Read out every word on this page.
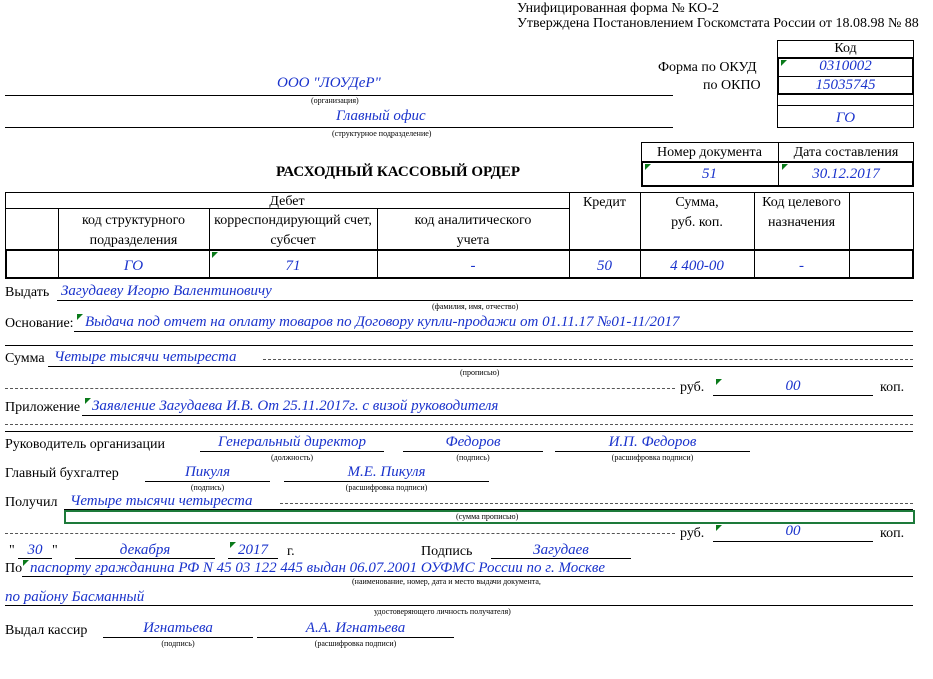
Унифицированная форма № КО-2
Утверждена Постановлением Госкомстата России от 18.08.98 № 88
Код
Форма по ОКУД	0310002
по ОКПО	15035745
ГО
ООО "ЛОУДеР"
(организация)
Главный офис
(структурное подразделение)
Номер документа	Дата составления
51	30.12.2017
РАСХОДНЫЙ КАССОВЫЙ ОРДЕР
Дебет
код структурного
подразделения
корреспондирующий счет,
субсчет
код аналитического
учета
Кредит	Сумма,
руб. коп.
Код целевого
назначения
ГО	71	-	50	4 400-00	-
Выдать Загудаеву Игорю Валентиновичу
(фамилия, имя, отчество)
Основание: Выдача под отчет на оплату товаров по Договору купли-продажи от 01.11.17 №01-11/2017
Сумма Четыре тысячи четыреста
(прописью)
руб.	00	коп.
Приложение Заявление Загудаева И.В. От 25.11.2017г. с визой руководителя
Руководитель организации	Генеральный директор
(должность)
Федоров
(подпись)
И.П. Федоров
(расшифровка подписи)
Главный бухгалтер	Пикуля
(подпись)
М.Е. Пикуля
(расшифровка подписи)
Получил Четыре тысячи четыреста
(сумма прописью)
руб.	00	коп.
" 30 "	декабря	2017	г.	Подпись	Загудаев
По паспорту гражданина РФ N 45 03 122 445 выдан 06.07.2001 ОУФМС России по г. Москве
(наименование, номер, дата и место выдачи документа,
по району Басманный
удостоверяющего личность получателя)
Выдал кассир	Игнатьева
(подпись)
А.А. Игнатьева
(расшифровка подписи)
